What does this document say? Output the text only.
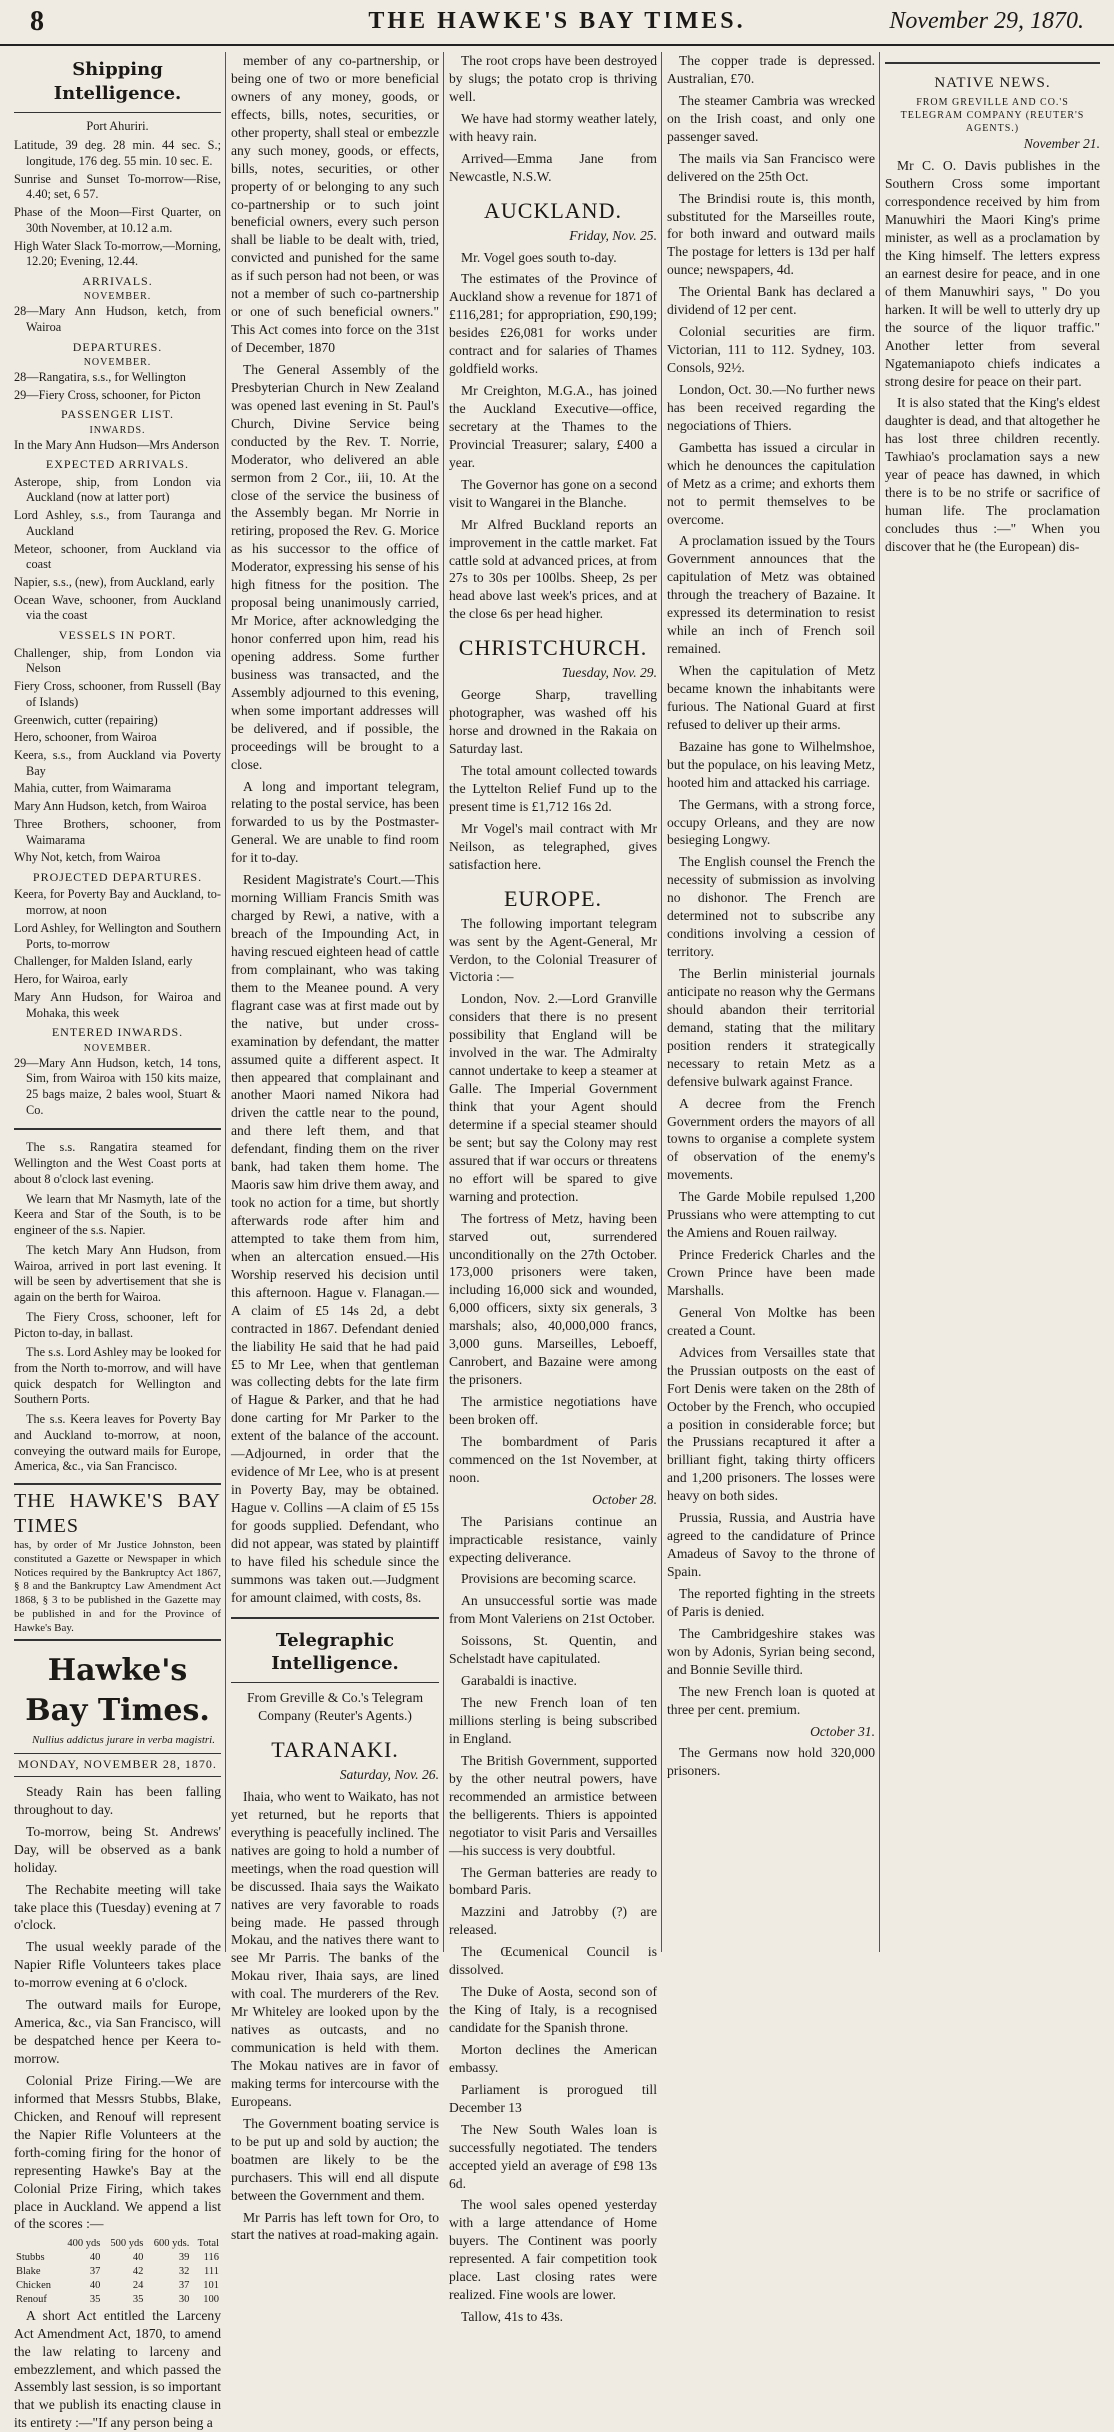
8	THE HAWKE'S BAY TIMES.	November 29, 1870.
Shipping Intelligence.

Port Ahuriri.

Latitude, 39 deg. 28 min. 44 sec. S.; longitude, 176 deg. 55 min. 10 sec. E.

Sunrise and Sunset To-morrow—Rise, 4.40; set, 6 57.

Phase of the Moon—First Quarter, on 30th November, at 10.12 a.m.

High Water Slack To-morrow,—Morning, 12.20; Evening, 12.44.

ARRIVALS.
NOVEMBER.

28—Mary Ann Hudson, ketch, from Wairoa

DEPARTURES.
NOVEMBER.

28—Rangatira, s.s., for Wellington

29—Fiery Cross, schooner, for Picton

PASSENGER LIST.
INWARDS.

In the Mary Ann Hudson—Mrs Anderson

EXPECTED ARRIVALS.

Asterope, ship, from London via Auckland (now at latter port)

Lord Ashley, s.s., from Tauranga and Auckland

Meteor, schooner, from Auckland via coast

Napier, s.s., (new), from Auckland, early

Ocean Wave, schooner, from Auckland via the coast

VESSELS IN PORT.

Challenger, ship, from London via Nelson

Fiery Cross, schooner, from Russell (Bay of Islands)

Greenwich, cutter (repairing)

Hero, schooner, from Wairoa

Keera, s.s., from Auckland via Poverty Bay

Mahia, cutter, from Waimarama

Mary Ann Hudson, ketch, from Wairoa

Three Brothers, schooner, from Waimarama

Why Not, ketch, from Wairoa

PROJECTED DEPARTURES.

Keera, for Poverty Bay and Auckland, to-morrow, at noon

Lord Ashley, for Wellington and Southern Ports, to-morrow

Challenger, for Malden Island, early

Hero, for Wairoa, early

Mary Ann Hudson, for Wairoa and Mohaka, this week

ENTERED INWARDS.
NOVEMBER.

29—Mary Ann Hudson, ketch, 14 tons, Sim, from Wairoa with 150 kits maize, 25 bags maize, 2 bales wool, Stuart & Co.

The s.s. Rangatira steamed for Wellington and the West Coast ports at about 8 o'clock last evening.

We learn that Mr Nasmyth, late of the Keera and Star of the South, is to be engineer of the s.s. Napier.

The ketch Mary Ann Hudson, from Wairoa, arrived in port last evening. It will be seen by advertisement that she is again on the berth for Wairoa.

The Fiery Cross, schooner, left for Picton to-day, in ballast.

The s.s. Lord Ashley may be looked for from the North to-morrow, and will have quick despatch for Wellington and Southern Ports.

The s.s. Keera leaves for Poverty Bay and Auckland to-morrow, at noon, conveying the outward mails for Europe, America, &c., via San Francisco.

THE HAWKE'S BAY TIMES
has, by order of Mr Justice Johnston, been constituted a Gazette or Newspaper in which Notices required by the Bankruptcy Act 1867, § 8 and the Bankruptcy Law Amendment Act 1868, § 3 to be published in the Gazette may be published in and for the Province of Hawke's Bay.
Hawke's Bay Times.

Nullius addictus jurare in verba magistri.

MONDAY, NOVEMBER 28, 1870.

Steady Rain has been falling throughout to day.

To-morrow, being St. Andrews' Day, will be observed as a bank holiday.

The Rechabite meeting will take take place this (Tuesday) evening at 7 o'clock.

The usual weekly parade of the Napier Rifle Volunteers takes place to-morrow evening at 6 o'clock.

The outward mails for Europe, America, &c., via San Francisco, will be despatched hence per Keera to-morrow.

Colonial Prize Firing.—We are informed that Messrs Stubbs, Blake, Chicken, and Renouf will represent the Napier Rifle Volunteers at the forth-coming firing for the honor of representing Hawke's Bay at the Colonial Prize Firing, which takes place in Auckland. We append a list of the scores :—

	400 yds	500 yds	600 yds.	Total
Stubbs	40	40	39	116
Blake	37	42	32	111
Chicken	40	24	37	101
Renouf	35	35	30	100

A short Act entitled the Larceny Act Amendment Act, 1870, to amend the law relating to larceny and embezzlement, and which passed the Assembly last session, is so important that we publish its enacting clause in its entirety :—"If any person being a

member of any co-partnership, or being one of two or more beneficial owners of any money, goods, or effects, bills, notes, securities, or other property, shall steal or embezzle any such money, goods, or effects, bills, notes, securities, or other property of or belonging to any such co-partnership or to such joint beneficial owners, every such person shall be liable to be dealt with, tried, convicted and punished for the same as if such person had not been, or was not a member of such co-partnership or one of such beneficial owners." This Act comes into force on the 31st of December, 1870

The General Assembly of the Presbyterian Church in New Zealand was opened last evening in St. Paul's Church, Divine Service being conducted by the Rev. T. Norrie, Moderator, who delivered an able sermon from 2 Cor., iii, 10. At the close of the service the business of the Assembly began. Mr Norrie in retiring, proposed the Rev. G. Morice as his successor to the office of Moderator, expressing his sense of his high fitness for the position. The proposal being unanimously carried, Mr Morice, after acknowledging the honor conferred upon him, read his opening address. Some further business was transacted, and the Assembly adjourned to this evening, when some important addresses will be delivered, and if possible, the proceedings will be brought to a close.

A long and important telegram, relating to the postal service, has been forwarded to us by the Postmaster-General. We are unable to find room for it to-day.

Resident Magistrate's Court.—This morning William Francis Smith was charged by Rewi, a native, with a breach of the Impounding Act, in having rescued eighteen head of cattle from complainant, who was taking them to the Meanee pound. A very flagrant case was at first made out by the native, but under cross-examination by defendant, the matter assumed quite a different aspect. It then appeared that complainant and another Maori named Nikora had driven the cattle near to the pound, and there left them, and that defendant, finding them on the river bank, had taken them home. The Maoris saw him drive them away, and took no action for a time, but shortly afterwards rode after him and attempted to take them from him, when an altercation ensued.—His Worship reserved his decision until this afternoon. Hague v. Flanagan.—A claim of £5 14s 2d, a debt contracted in 1867. Defendant denied the liability He said that he had paid £5 to Mr Lee, when that gentleman was collecting debts for the late firm of Hague & Parker, and that he had done carting for Mr Parker to the extent of the balance of the account. —Adjourned, in order that the evidence of Mr Lee, who is at present in Poverty Bay, may be obtained. Hague v. Collins —A claim of £5 15s for goods supplied. Defendant, who did not appear, was stated by plaintiff to have filed his schedule since the summons was taken out.—Judgment for amount claimed, with costs, 8s.

Telegraphic Intelligence.

From Greville & Co.'s Telegram Company (Reuter's Agents.)

TARANAKI.

Saturday, Nov. 26.

Ihaia, who went to Waikato, has not yet returned, but he reports that everything is peacefully inclined. The natives are going to hold a number of meetings, when the road question will be discussed. Ihaia says the Waikato natives are very favorable to roads being made. He passed through Mokau, and the natives there want to see Mr Parris. The banks of the Mokau river, Ihaia says, are lined with coal. The murderers of the Rev. Mr Whiteley are looked upon by the natives as outcasts, and no communication is held with them. The Mokau natives are in favor of making terms for intercourse with the Europeans.

The Government boating service is to be put up and sold by auction; the boatmen are likely to be the purchasers. This will end all dispute between the Government and them.

Mr Parris has left town for Oro, to start the natives at road-making again.

The root crops have been destroyed by slugs; the potato crop is thriving well.

We have had stormy weather lately, with heavy rain.

Arrived—Emma Jane from Newcastle, N.S.W.

AUCKLAND.

Friday, Nov. 25.

Mr. Vogel goes south to-day.

The estimates of the Province of Auckland show a revenue for 1871 of £116,281; for appropriation, £90,199; besides £26,081 for works under contract and for salaries of Thames goldfield works.

Mr Creighton, M.G.A., has joined the Auckland Executive—office, secretary at the Thames to the Provincial Treasurer; salary, £400 a year.

The Governor has gone on a second visit to Wangarei in the Blanche.

Mr Alfred Buckland reports an improvement in the cattle market. Fat cattle sold at advanced prices, at from 27s to 30s per 100lbs. Sheep, 2s per head above last week's prices, and at the close 6s per head higher.

CHRISTCHURCH.

Tuesday, Nov. 29.

George Sharp, travelling photographer, was washed off his horse and drowned in the Rakaia on Saturday last.

The total amount collected towards the Lyttelton Relief Fund up to the present time is £1,712 16s 2d.

Mr Vogel's mail contract with Mr Neilson, as telegraphed, gives satisfaction here.

EUROPE.

The following important telegram was sent by the Agent-General, Mr Verdon, to the Colonial Treasurer of Victoria :—

London, Nov. 2.—Lord Granville considers that there is no present possibility that England will be involved in the war. The Admiralty cannot undertake to keep a steamer at Galle. The Imperial Government think that your Agent should determine if a special steamer should be sent; but say the Colony may rest assured that if war occurs or threatens no effort will be spared to give warning and protection.

The fortress of Metz, having been starved out, surrendered unconditionally on the 27th October. 173,000 prisoners were taken, including 16,000 sick and wounded, 6,000 officers, sixty six generals, 3 marshals; also, 40,000,000 francs, 3,000 guns. Marseilles, Leboeff, Canrobert, and Bazaine were among the prisoners.

The armistice negotiations have been broken off.

The bombardment of Paris commenced on the 1st November, at noon.

October 28.

The Parisians continue an impracticable resistance, vainly expecting deliverance.

Provisions are becoming scarce.

An unsuccessful sortie was made from Mont Valeriens on 21st October.

Soissons, St. Quentin, and Schelstadt have capitulated.

Garabaldi is inactive.

The new French loan of ten millions sterling is being subscribed in England.

The British Government, supported by the other neutral powers, have recommended an armistice between the belligerents. Thiers is appointed negotiator to visit Paris and Versailles—his success is very doubtful.

The German batteries are ready to bombard Paris.

Mazzini and Jatrobby (?) are released.

The Œcumenical Council is dissolved.

The Duke of Aosta, second son of the King of Italy, is a recognised candidate for the Spanish throne.

Morton declines the American embassy.

Parliament is prorogued till December 13

The New South Wales loan is successfully negotiated. The tenders accepted yield an average of £98 13s 6d.

The wool sales opened yesterday with a large attendance of Home buyers. The Continent was poorly represented. A fair competition took place. Last closing rates were realized. Fine wools are lower.

Tallow, 41s to 43s.

The copper trade is depressed. Australian, £70.

The steamer Cambria was wrecked on the Irish coast, and only one passenger saved.

The mails via San Francisco were delivered on the 25th Oct.

The Brindisi route is, this month, substituted for the Marseilles route, for both inward and outward mails The postage for letters is 13d per half ounce; newspapers, 4d.

The Oriental Bank has declared a dividend of 12 per cent.

Colonial securities are firm. Victorian, 111 to 112. Sydney, 103. Consols, 92½.

London, Oct. 30.—No further news has been received regarding the negociations of Thiers.

Gambetta has issued a circular in which he denounces the capitulation of Metz as a crime; and exhorts them not to permit themselves to be overcome.

A proclamation issued by the Tours Government announces that the capitulation of Metz was obtained through the treachery of Bazaine. It expressed its determination to resist while an inch of French soil remained.

When the capitulation of Metz became known the inhabitants were furious. The National Guard at first refused to deliver up their arms.

Bazaine has gone to Wilhelmshoe, but the populace, on his leaving Metz, hooted him and attacked his carriage.

The Germans, with a strong force, occupy Orleans, and they are now besieging Longwy.

The English counsel the French the necessity of submission as involving no dishonor. The French are determined not to subscribe any conditions involving a cession of territory.

The Berlin ministerial journals anticipate no reason why the Germans should abandon their territorial demand, stating that the military position renders it strategically necessary to retain Metz as a defensive bulwark against France.

A decree from the French Government orders the mayors of all towns to organise a complete system of observation of the enemy's movements.

The Garde Mobile repulsed 1,200 Prussians who were attempting to cut the Amiens and Rouen railway.

Prince Frederick Charles and the Crown Prince have been made Marshalls.

General Von Moltke has been created a Count.

Advices from Versailles state that the Prussian outposts on the east of Fort Denis were taken on the 28th of October by the French, who occupied a position in considerable force; but the Prussians recaptured it after a brilliant fight, taking thirty officers and 1,200 prisoners. The losses were heavy on both sides.

Prussia, Russia, and Austria have agreed to the candidature of Prince Amadeus of Savoy to the throne of Spain.

The reported fighting in the streets of Paris is denied.

The Cambridgeshire stakes was won by Adonis, Syrian being second, and Bonnie Seville third.

The new French loan is quoted at three per cent. premium.

October 31.

The Germans now hold 320,000 prisoners.

NATIVE NEWS.
FROM GREVILLE AND CO.'S TELEGRAM COMPANY (REUTER'S AGENTS.)

November 21.

Mr C. O. Davis publishes in the Southern Cross some important correspondence received by him from Manuwhiri the Maori King's prime minister, as well as a proclamation by the King himself. The letters express an earnest desire for peace, and in one of them Manuwhiri says, " Do you harken. It will be well to utterly dry up the source of the liquor traffic." Another letter from several Ngatemaniapoto chiefs indicates a strong desire for peace on their part.

It is also stated that the King's eldest daughter is dead, and that altogether he has lost three children recently. Tawhiao's proclamation says a new year of peace has dawned, in which there is to be no strife or sacrifice of human life. The proclamation concludes thus :—" When you discover that he (the European) dis-
